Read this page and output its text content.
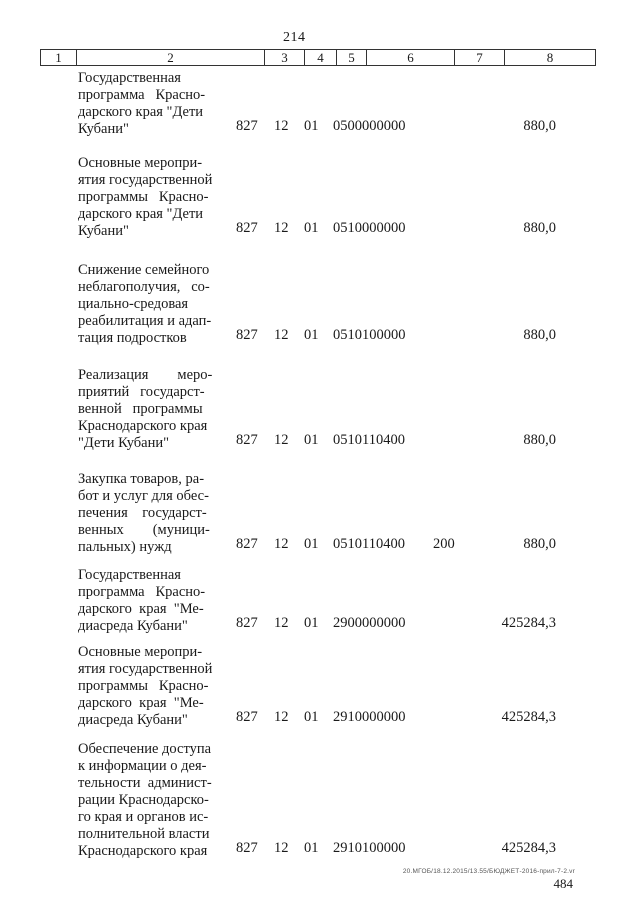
214
1	2	3	4	5	6	7	8
Государственная
программа   Красно-
дарского края "Дети
Кубани"	827 12 01 0500000000	880,0
Основные меропри-
ятия государственной
программы   Красно-
дарского края "Дети
Кубани"	827 12 01 0510000000	880,0
Снижение семейного
неблагополучия,   со-
циально-средовая
реабилитация и адап-
тация подростков	827 12 01 0510100000	880,0
Реализация        меро-
приятий   государст-
венной   программы
Краснодарского края
"Дети Кубани"	827 12 01 0510110400	880,0
Закупка товаров, ра-
бот и услуг для обес-
печения    государст-
венных        (муници-
пальных) нужд	827 12 01 0510110400 200	880,0
Государственная
программа   Красно-
дарского  края  "Ме-
диасреда Кубани"	827 12 01 2900000000	425284,3
Основные меропри-
ятия государственной
программы   Красно-
дарского  края  "Ме-
диасреда Кубани"	827 12 01 2910000000	425284,3
Обеспечение доступа
к информации о дея-
тельности  админист-
рации Краснодарско-
го края и органов ис-
полнительной власти
Краснодарского края	827 12 01 2910100000	425284,3
20.МГОБ/18.12.2015/13.55/БЮДЖЕТ-2016-прил-7-2.vr
484
